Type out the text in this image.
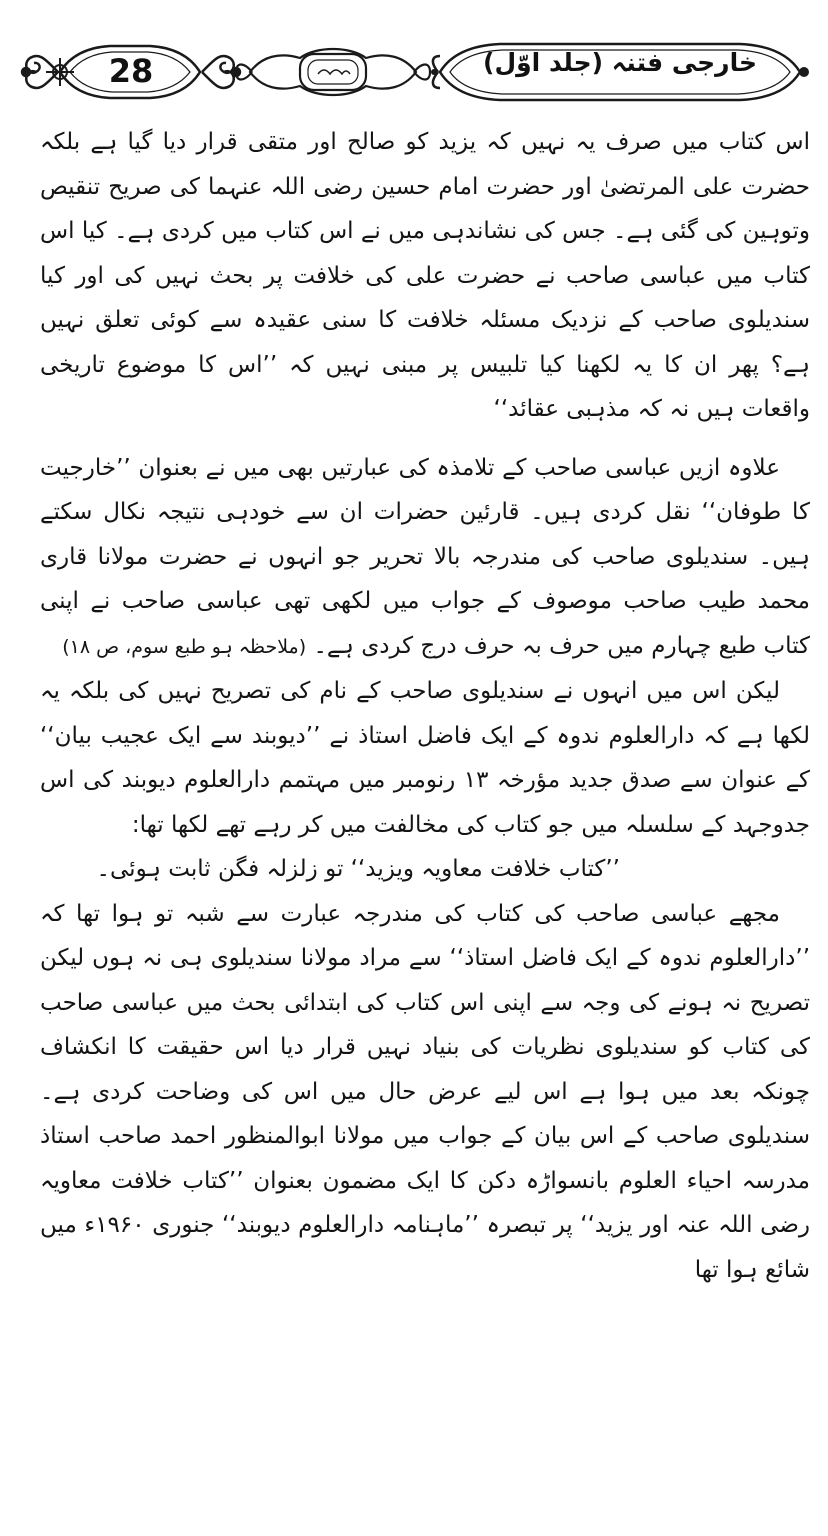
28	خارجی فتنہ (جلد اوّل)

اس کتاب میں صرف یہ نہیں کہ یزید کو صالح اور متقی قرار دیا گیا ہے بلکہ حضرت علی المرتضیٰ اور حضرت امام حسین رضی اللہ عنہما کی صریح تنقیص وتوہین کی گئی ہے۔ جس کی نشاندہی میں نے اس کتاب میں کردی ہے۔ کیا اس کتاب میں عباسی صاحب نے حضرت علی کی خلافت پر بحث نہیں کی اور کیا سندیلوی صاحب کے نزدیک مسئلہ خلافت کا سنی عقیدہ سے کوئی تعلق نہیں ہے؟ پھر ان کا یہ لکھنا کیا تلبیس پر مبنی نہیں کہ ’’اس کا موضوع تاریخی واقعات ہیں نہ کہ مذہبی عقائد‘‘

علاوہ ازیں عباسی صاحب کے تلامذہ کی عبارتیں بھی میں نے بعنوان ’’خارجیت کا طوفان‘‘ نقل کردی ہیں۔ قارئین حضرات ان سے خودہی نتیجہ نکال سکتے ہیں۔ سندیلوی صاحب کی مندرجہ بالا تحریر جو انہوں نے حضرت مولانا قاری محمد طیب صاحب موصوف کے جواب میں لکھی تھی عباسی صاحب نے اپنی کتاب طبع چہارم میں حرف بہ حرف درج کردی ہے۔ (ملاحظہ ہو طبع سوم، ص ۱۸)

لیکن اس میں انہوں نے سندیلوی صاحب کے نام کی تصریح نہیں کی بلکہ یہ لکھا ہے کہ دارالعلوم ندوہ کے ایک فاضل استاذ نے ’’دیوبند سے ایک عجیب بیان‘‘ کے عنوان سے صدق جدید مؤرخہ ۱۳ رنومبر میں مہتمم دارالعلوم دیوبند کی اس جدوجہد کے سلسلہ میں جو کتاب کی مخالفت میں کر رہے تھے لکھا تھا:

’’کتاب خلافت معاویہ ویزید‘‘ تو زلزلہ فگن ثابت ہوئی۔

مجھے عباسی صاحب کی کتاب کی مندرجہ عبارت سے شبہ تو ہوا تھا کہ ’’دارالعلوم ندوہ کے ایک فاضل استاذ‘‘ سے مراد مولانا سندیلوی ہی نہ ہوں لیکن تصریح نہ ہونے کی وجہ سے اپنی اس کتاب کی ابتدائی بحث میں عباسی صاحب کی کتاب کو سندیلوی نظریات کی بنیاد نہیں قرار دیا اس حقیقت کا انکشاف چونکہ بعد میں ہوا ہے اس لیے عرض حال میں اس کی وضاحت کردی ہے۔ سندیلوی صاحب کے اس بیان کے جواب میں مولانا ابوالمنظور احمد صاحب استاذ مدرسہ احیاء العلوم بانسواڑہ دکن کا ایک مضمون بعنوان ’’کتاب خلافت معاویہ رضی اللہ عنہ اور یزید‘‘ پر تبصرہ ’’ماہنامہ دارالعلوم دیوبند‘‘ جنوری ۱۹۶۰ء میں شائع ہوا تھا
